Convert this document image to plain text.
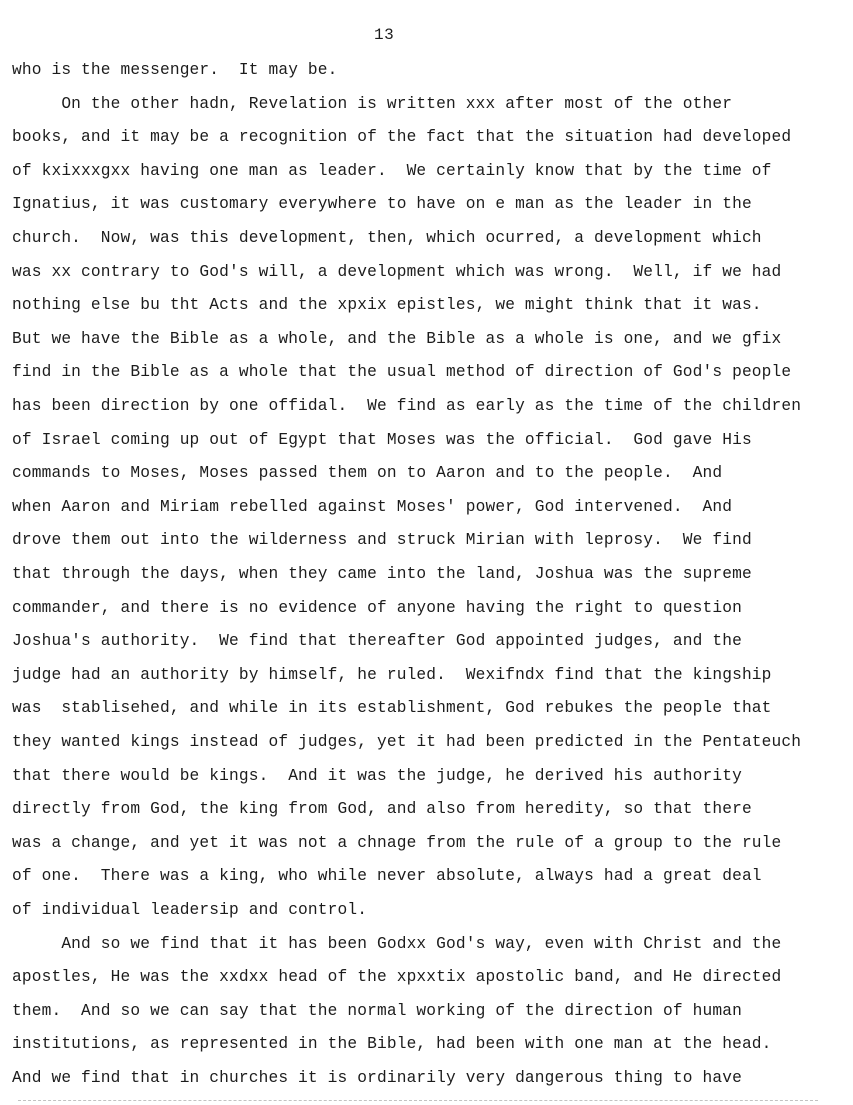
13
who is the messenger.  It may be.
On the other hadn, Revelation is written xxx after most of the other
books, and it may be a recognition of the fact that the situation had developed
of kxixxxgxx having one man as leader.  We certainly know that by the time of
Ignatius, it was customary everywhere to have on e man as the leader in the
church.  Now, was this development, then, which ocurred, a development which
was xx contrary to God's will, a development which was wrong.  Well, if we had
nothing else bu tht Acts and the xpxix epistles, we might think that it was.
But we have the Bible as a whole, and the Bible as a whole is one, and we gfix
find in the Bible as a whole that the usual method of direction of God's people
has been direction by one offidal.  We find as early as the time of the children
of Israel coming up out of Egypt that Moses was the official.  God gave His
commands to Moses, Moses passed them on to Aaron and to the people.  And
when Aaron and Miriam rebelled against Moses' power, God intervened.  And
drove them out into the wilderness and struck Mirian with leprosy.  We find
that through the days, when they came into the land, Joshua was the supreme
commander, and there is no evidence of anyone having the right to question
Joshua's authority.  We find that thereafter God appointed judges, and the
judge had an authority by himself, he ruled.  Wexifndx find that the kingship
was  stablisehed, and while in its establishment, God rebukes the people that
they wanted kings instead of judges, yet it had been predicted in the Pentateuch
that there would be kings.  And it was the judge, he derived his authority
directly from God, the king from God, and also from heredity, so that there
was a change, and yet it was not a chnage from the rule of a group to the rule
of one.  There was a king, who while never absolute, always had a great deal
of individual leadersip and control.
And so we find that it has been Godxx God's way, even with Christ and the
apostles, He was the xxdxx head of the xpxxtix apostolic band, and He directed
them.  And so we can say that the normal working of the direction of human
institutions, as represented in the Bible, had been with one man at the head.
And we find that in churches it is ordinarily very dangerous thing to have
